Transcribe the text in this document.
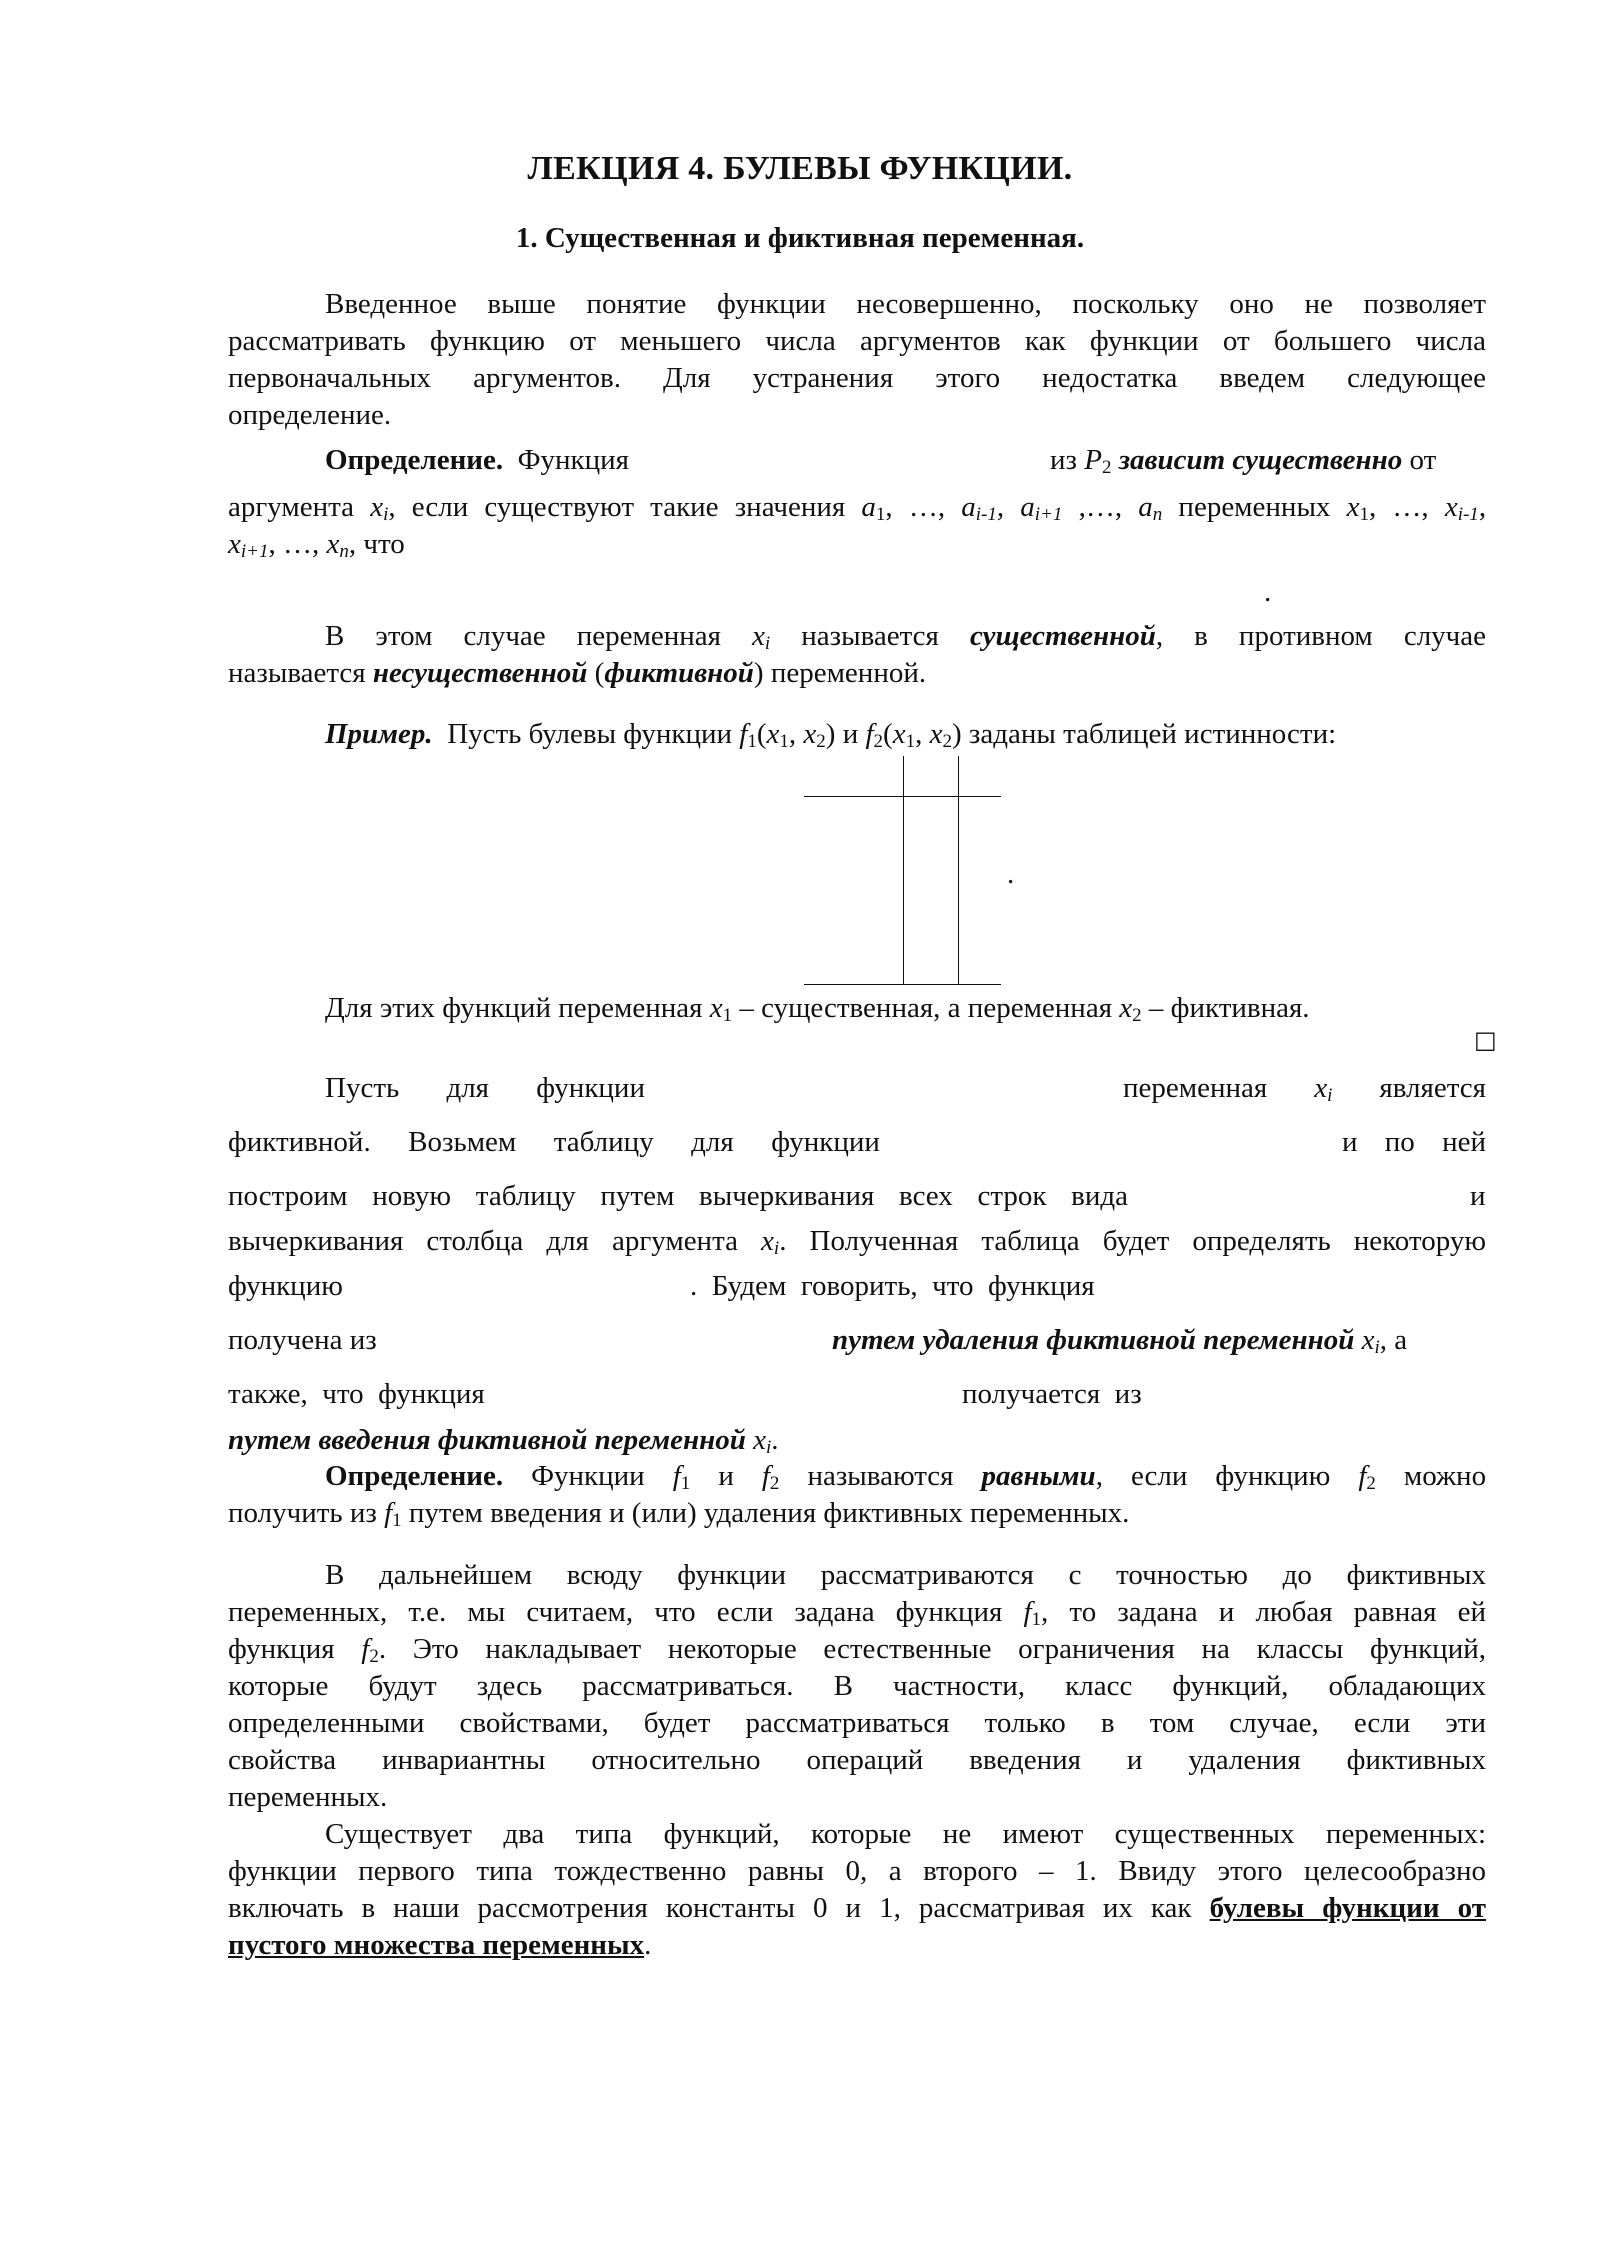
ЛЕКЦИЯ 4. БУЛЕВЫ ФУНКЦИИ.
1. Существенная и фиктивная переменная.
Введенное выше понятие функции несовершенно, поскольку оно не позволяет
рассматривать функцию от меньшего числа аргументов как функции от большего числа
первоначальных аргументов. Для устранения этого недостатка введем следующее
определение.
Определение. Функция	из $P_2$ зависит существенно от
аргумента $x_i$, если существуют такие значения $a_1$, …, $a_{i-1}$, $a_{i+1}$ ,…, $a_n$ переменных $x_1$, …, $x_{i-1}$,
$x_{i+1}$, …, $x_n$, что
.
В этом случае переменная $x_i$ называется существенной, в противном случае
называется несущественной (фиктивной) переменной.
Пример. Пусть булевы функции $f_1(x_1$, $x_2$) и $f_2(x_1$, $x_2$) заданы таблицей истинности:
.
Для этих функций переменная $x_1$ – существенная, а переменная $x_2$ – фиктивная.
□
Пусть для функции	переменная $x_i$ является
фиктивной. Возьмем таблицу для функции	и по ней
построим новую таблицу путем вычеркивания всех строк вида	и
вычеркивания столбца для аргумента $x_i$. Полученная таблица будет определять некоторую
функцию	.  Будем  говорить,  что  функция
получена из	путем удаления фиктивной переменной $x_i$, а
также,  что  функция	получается  из
путем введения фиктивной переменной $x_i$.
Определение. Функции $f_1$ и $f_2$ называются равными, если функцию $f_2$ можно
получить из $f_1$ путем введения и (или) удаления фиктивных переменных.
В дальнейшем всюду функции рассматриваются с точностью до фиктивных
переменных, т.е. мы считаем, что если задана функция $f_1$, то задана и любая равная ей
функция $f_2$. Это накладывает некоторые естественные ограничения на классы функций,
которые будут здесь рассматриваться. В частности, класс функций, обладающих
определенными свойствами, будет рассматриваться только в том случае, если эти
свойства инвариантны относительно операций введения и удаления фиктивных
переменных.
Существует два типа функций, которые не имеют существенных переменных:
функции первого типа тождественно равны 0, а второго – 1. Ввиду этого целесообразно
включать в наши рассмотрения константы 0 и 1, рассматривая их как булевы функции от
пустого множества переменных.
